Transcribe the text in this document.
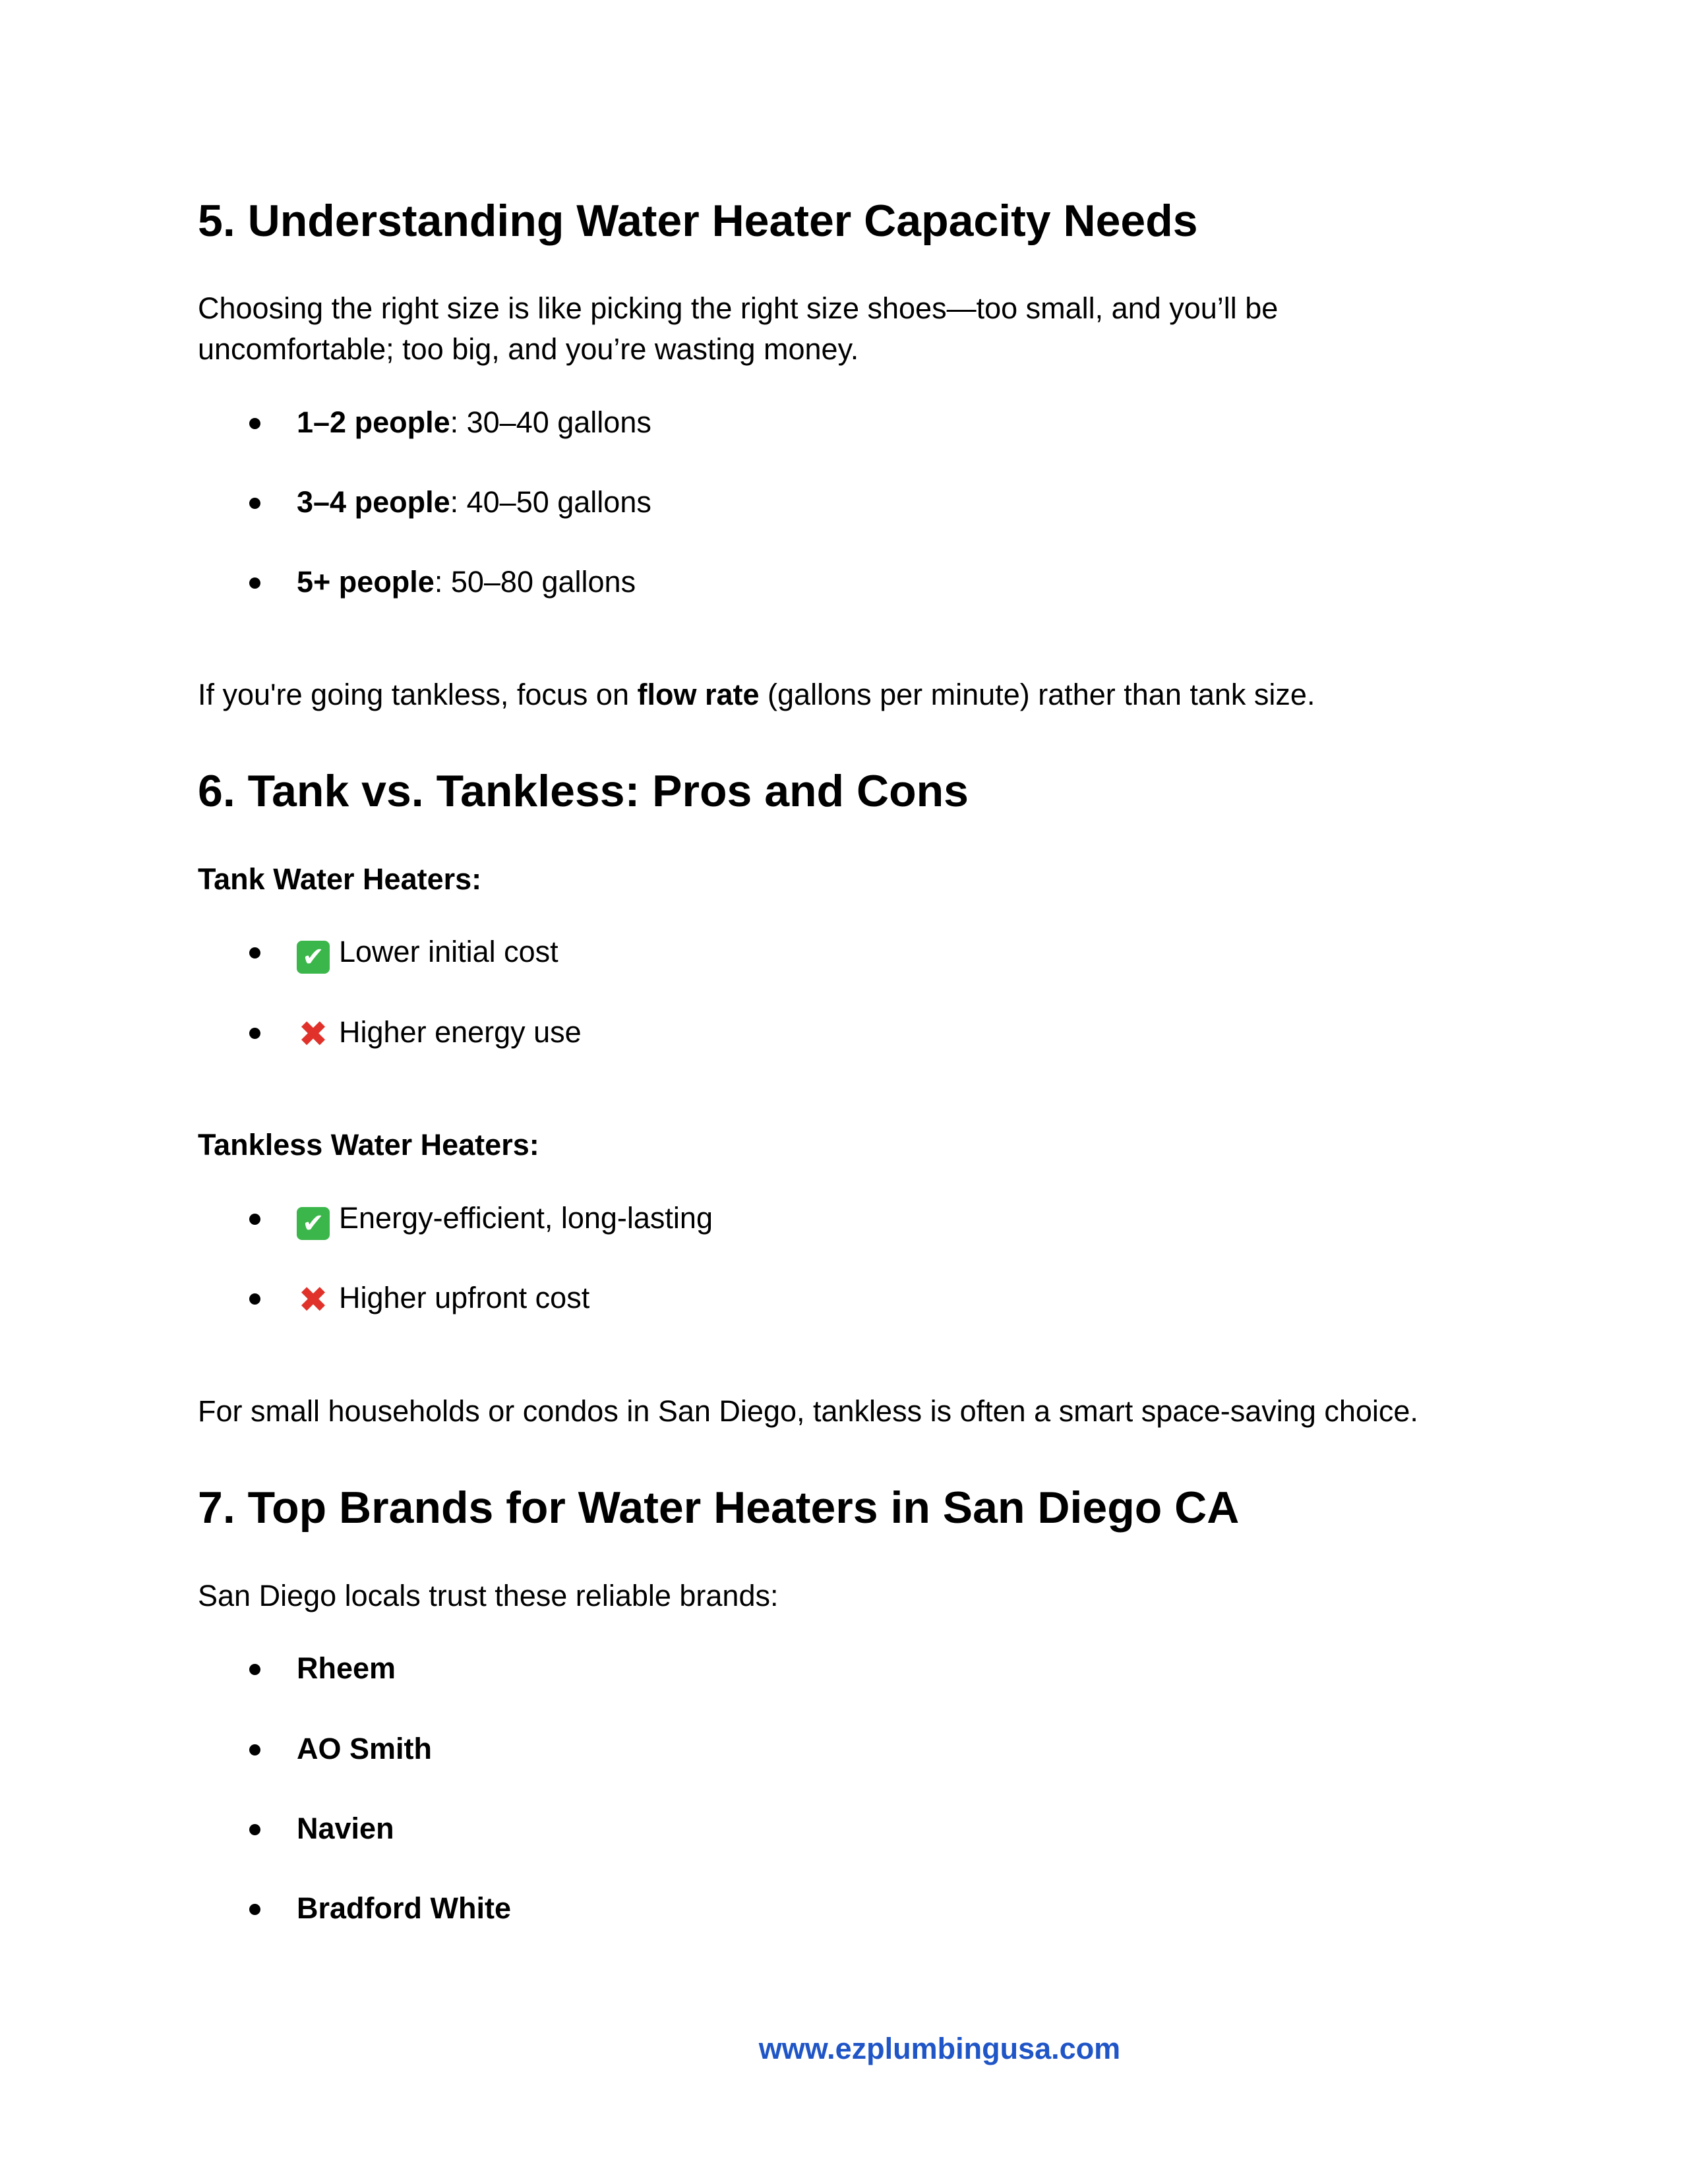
5. Understanding Water Heater Capacity Needs

Choosing the right size is like picking the right size shoes—too small, and you’ll be

uncomfortable; too big, and you’re wasting money.

1–2 people: 30–40 gallons
3–4 people: 40–50 gallons
5+ people: 50–80 gallons

If you're going tankless, focus on flow rate (gallons per minute) rather than tank size.

6. Tank vs. Tankless: Pros and Cons

Tank Water Heaters:

✔ Lower initial cost
✖ Higher energy use

Tankless Water Heaters:

✔ Energy-efficient, long-lasting
✖ Higher upfront cost

For small households or condos in San Diego, tankless is often a smart space-saving choice.

7. Top Brands for Water Heaters in San Diego CA

San Diego locals trust these reliable brands:

Rheem
AO Smith
Navien
Bradford White
www.ezplumbingusa.com
